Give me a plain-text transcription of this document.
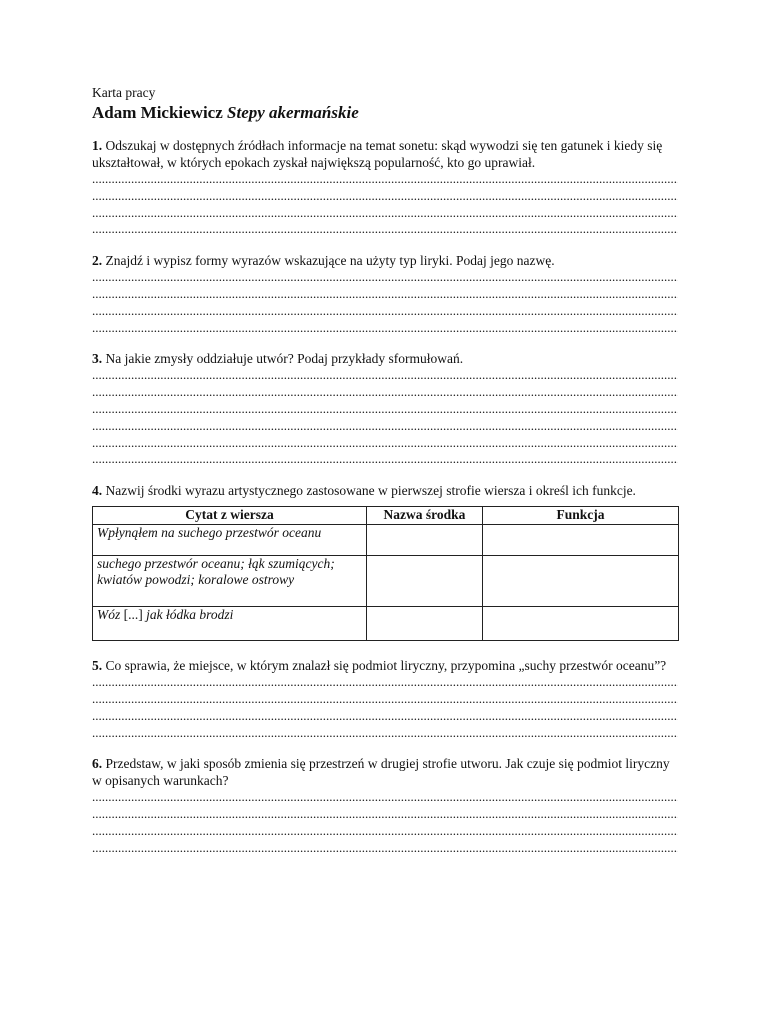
Karta pracy
Adam Mickiewicz Stepy akermańskie
1. Odszukaj w dostępnych źródłach informacje na temat sonetu: skąd wywodzi się ten gatunek i kiedy się ukształtował, w których epokach zyskał największą popularność, kto go uprawiał.
.....
.....
.....
.....
2. Znajdź i wypisz formy wyrazów wskazujące na użyty typ liryki. Podaj jego nazwę.
.....
.....
.....
.....
3. Na jakie zmysły oddziałuje utwór? Podaj przykłady sformułowań.
.....
.....
.....
.....
.....
.....
4. Nazwij środki wyrazu artystycznego zastosowane w pierwszej strofie wiersza i określ ich funkcje.
Cytat z wiersza	Nazwa środka	Funkcja
Wpłynąłem na suchego przestwór oceanu		
suchego przestwór oceanu; łąk szumiących; kwiatów powodzi; koralowe ostrowy		
Wóz [...] jak łódka brodzi		
5. Co sprawia, że miejsce, w którym znalazł się podmiot liryczny, przypomina „suchy przestwór oceanu”?
.....
.....
.....
.....
6. Przedstaw, w jaki sposób zmienia się przestrzeń w drugiej strofie utworu. Jak czuje się podmiot liryczny w opisanych warunkach?
.....
.....
.....
.....
